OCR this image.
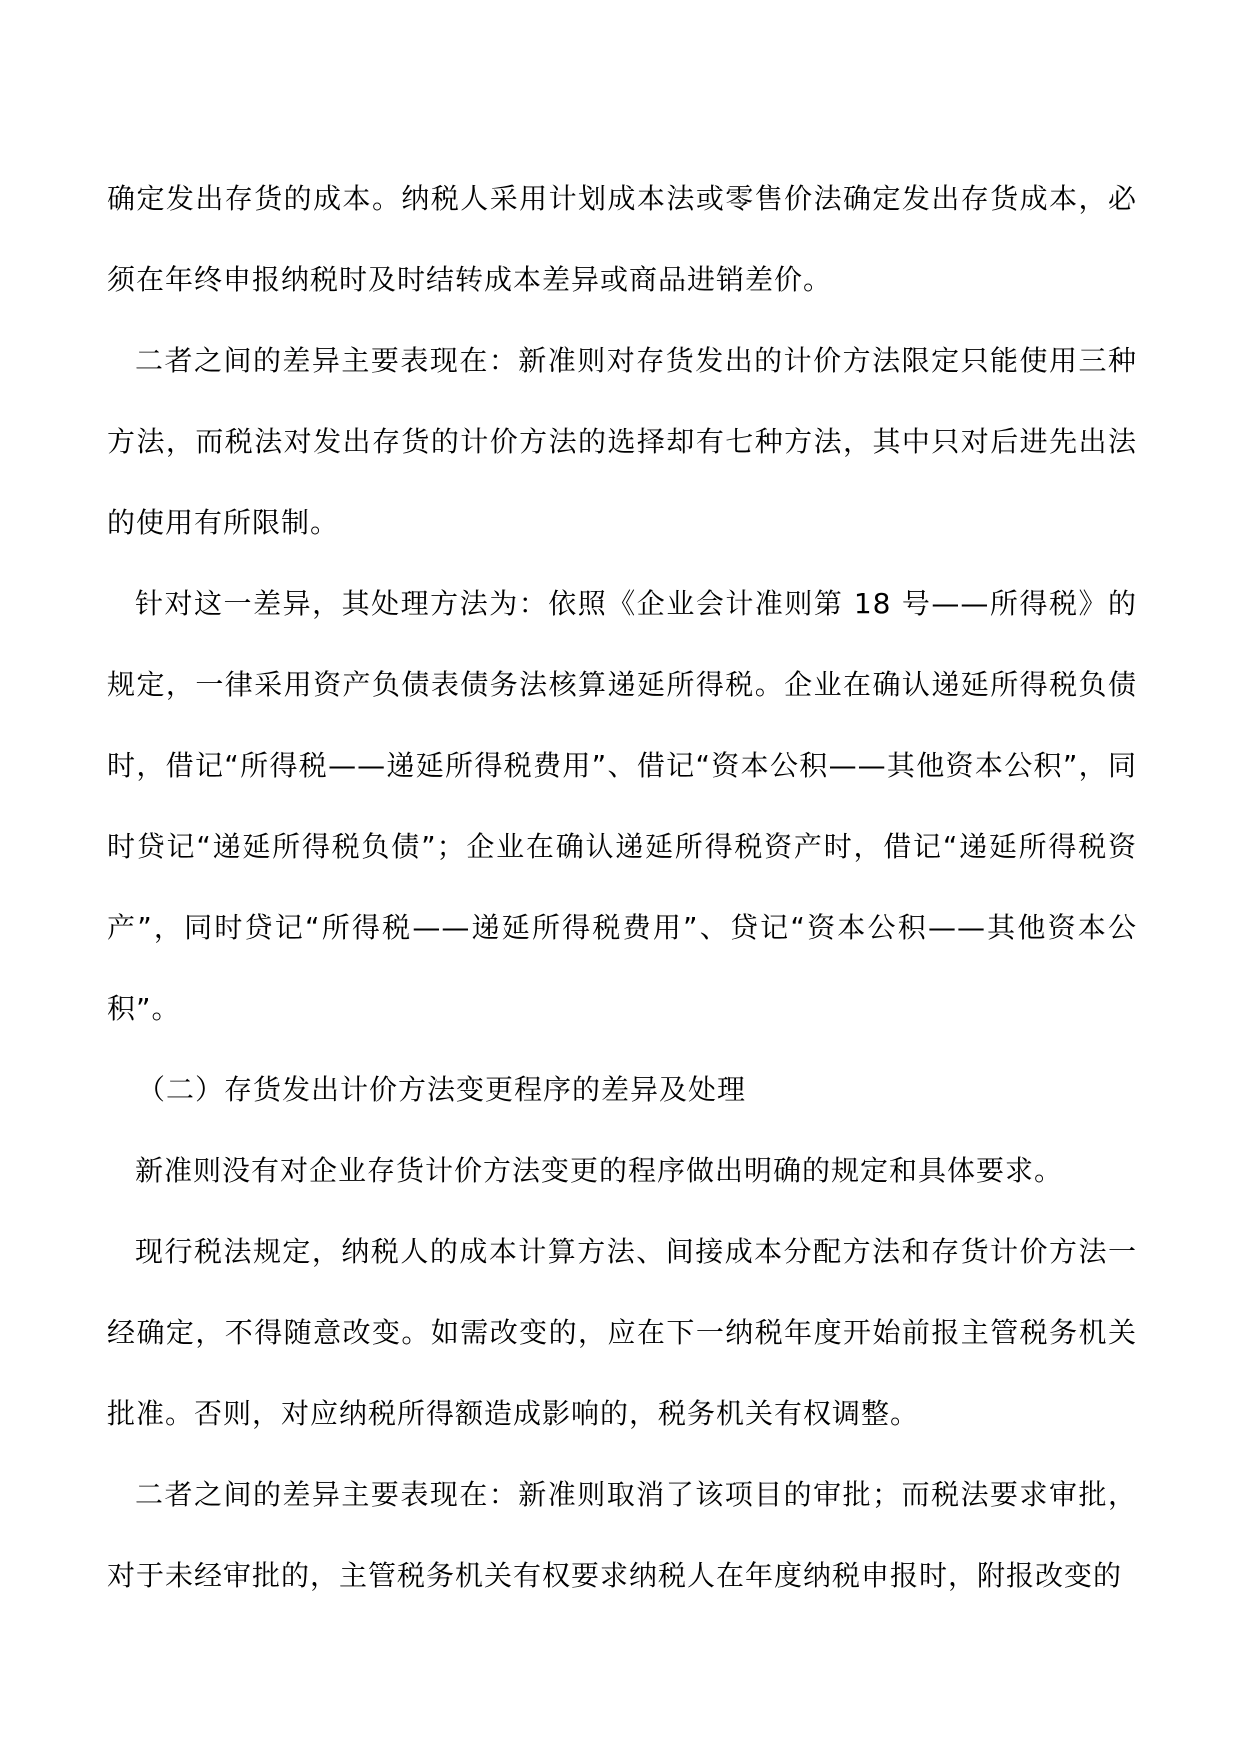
确定发出存货的成本。纳税人采用计划成本法或零售价法确定发出存货成本，必须在年终申报纳税时及时结转成本差异或商品进销差价。

二者之间的差异主要表现在：新准则对存货发出的计价方法限定只能使用三种方法，而税法对发出存货的计价方法的选择却有七种方法，其中只对后进先出法的使用有所限制。

针对这一差异，其处理方法为：依照《企业会计准则第 18 号——所得税》的规定，一律采用资产负债表债务法核算递延所得税。企业在确认递延所得税负债时，借记“所得税——递延所得税费用”、借记“资本公积——其他资本公积”，同时贷记“递延所得税负债”；企业在确认递延所得税资产时，借记“递延所得税资产”，同时贷记“所得税——递延所得税费用”、贷记“资本公积——其他资本公积”。

（二）存货发出计价方法变更程序的差异及处理

新准则没有对企业存货计价方法变更的程序做出明确的规定和具体要求。

现行税法规定，纳税人的成本计算方法、间接成本分配方法和存货计价方法一经确定，不得随意改变。如需改变的，应在下一纳税年度开始前报主管税务机关批准。否则，对应纳税所得额造成影响的，税务机关有权调整。

二者之间的差异主要表现在：新准则取消了该项目的审批；而税法要求审批，对于未经审批的，主管税务机关有权要求纳税人在年度纳税申报时，附报改变的
